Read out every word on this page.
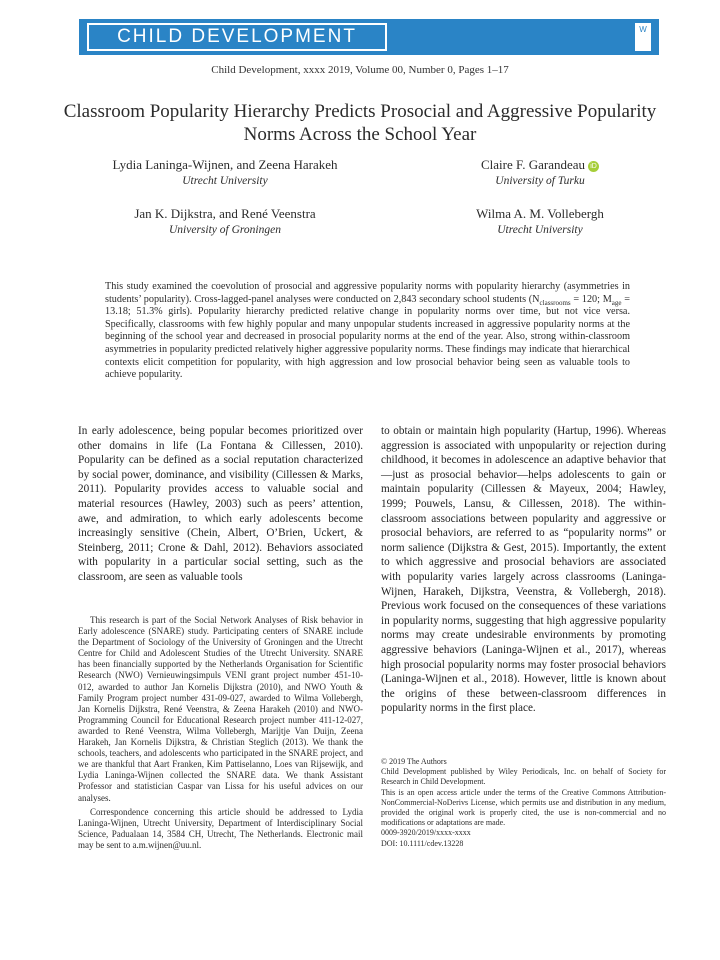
CHILD DEVELOPMENT	W
Child Development, xxxx 2019, Volume 00, Number 0, Pages 1–17
Classroom Popularity Hierarchy Predicts Prosocial and Aggressive Popularity Norms Across the School Year
Lydia Laninga-Wijnen, and Zeena Harakeh
Utrecht University
Claire F. Garandeau iD
University of Turku
Jan K. Dijkstra, and René Veenstra
University of Groningen
Wilma A. M. Vollebergh
Utrecht University
This study examined the coevolution of prosocial and aggressive popularity norms with popularity hierarchy (asymmetries in students’ popularity). Cross-lagged-panel analyses were conducted on 2,843 secondary school students ($N_{classrooms} = 120$; $M_{age} = 13.18$; 51.3% girls). Popularity hierarchy predicted relative change in popularity norms over time, but not vice versa. Specifically, classrooms with few highly popular and many unpopular students increased in aggressive popularity norms at the beginning of the school year and decreased in prosocial popularity norms at the end of the year. Also, strong within-classroom asymmetries in popularity predicted relatively higher aggressive popularity norms. These findings may indicate that hierarchical contexts elicit competition for popularity, with high aggression and low prosocial behavior being seen as valuable tools to achieve popularity.
In early adolescence, being popular becomes prioritized over other domains in life (La Fontana & Cillessen, 2010). Popularity can be defined as a social reputation characterized by social power, dominance, and visibility (Cillessen & Marks, 2011). Popularity provides access to valuable social and material resources (Hawley, 2003) such as peers’ attention, awe, and admiration, to which early adolescents become increasingly sensitive (Chein, Albert, O’Brien, Uckert, & Steinberg, 2011; Crone & Dahl, 2012). Behaviors associated with popularity in a particular social setting, such as the classroom, are seen as valuable tools

This research is part of the Social Network Analyses of Risk behavior in Early adolescence (SNARE) study. Participating centers of SNARE include the Department of Sociology of the University of Groningen and the Utrecht Centre for Child and Adolescent Studies of the Utrecht University. SNARE has been financially supported by the Netherlands Organisation for Scientific Research (NWO) Vernieuwingsimpuls VENI grant project number 451-10-012, awarded to author Jan Kornelis Dijkstra (2010), and NWO Youth & Family Program project number 431-09-027, awarded to Wilma Vollebergh, Jan Kornelis Dijkstra, René Veenstra, & Zeena Harakeh (2010) and NWO-Programming Council for Educational Research project number 411-12-027, awarded to René Veenstra, Wilma Vollebergh, Marijtje Van Duijn, Zeena Harakeh, Jan Kornelis Dijkstra, & Christian Steglich (2013). We thank the schools, teachers, and adolescents who participated in the SNARE project, and we are thankful that Aart Franken, Kim Pattiselanno, Loes van Rijsewijk, and Lydia Laninga-Wijnen collected the SNARE data. We thank Assistant Professor and statistician Caspar van Lissa for his useful advices on our analyses.

Correspondence concerning this article should be addressed to Lydia Laninga-Wijnen, Utrecht University, Department of Interdisciplinary Social Science, Padualaan 14, 3584 CH, Utrecht, The Netherlands. Electronic mail may be sent to a.m.wijnen@uu.nl.

to obtain or maintain high popularity (Hartup, 1996). Whereas aggression is associated with unpopularity or rejection during childhood, it becomes in adolescence an adaptive behavior that—just as prosocial behavior—helps adolescents to gain or maintain popularity (Cillessen & Mayeux, 2004; Hawley, 1999; Pouwels, Lansu, & Cillessen, 2018). The within-classroom associations between popularity and aggressive or prosocial behaviors, are referred to as “popularity norms” or norm salience (Dijkstra & Gest, 2015). Importantly, the extent to which aggressive and prosocial behaviors are associated with popularity varies largely across classrooms (Laninga-Wijnen, Harakeh, Dijkstra, Veenstra, & Vollebergh, 2018). Previous work focused on the consequences of these variations in popularity norms, suggesting that high aggressive popularity norms may create undesirable environments by promoting aggressive behaviors (Laninga-Wijnen et al., 2017), whereas high prosocial popularity norms may foster prosocial behaviors (Laninga-Wijnen et al., 2018). However, little is known about the origins of these between-classroom differences in popularity norms in the first place.
© 2019 The Authors
Child Development published by Wiley Periodicals, Inc. on behalf of Society for Research in Child Development.
This is an open access article under the terms of the Creative Commons Attribution-NonCommercial-NoDerivs License, which permits use and distribution in any medium, provided the original work is properly cited, the use is non-commercial and no modifications or adaptations are made.
0009-3920/2019/xxxx-xxxx
DOI: 10.1111/cdev.13228
